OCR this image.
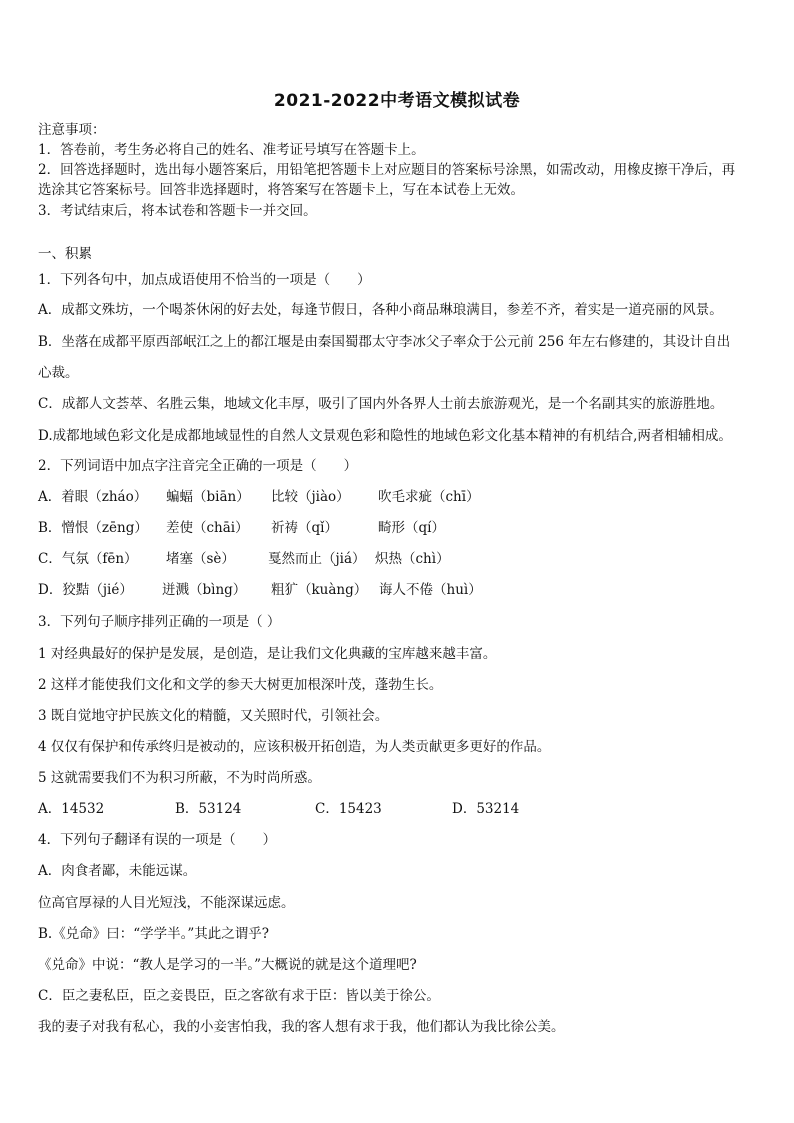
2021-2022中考语文模拟试卷
注意事项：
1．答卷前，考生务必将自己的姓名、准考证号填写在答题卡上。
2．回答选择题时，选出每小题答案后，用铅笔把答题卡上对应题目的答案标号涂黑，如需改动，用橡皮擦干净后，再
选涂其它答案标号。回答非选择题时，将答案写在答题卡上，写在本试卷上无效。
3．考试结束后，将本试卷和答题卡一并交回。
一、积累
1．下列各句中，加点成语使用不恰当的一项是（　　）
A．成都文殊坊，一个喝茶休闲的好去处，每逢节假日，各种小商品琳琅满目，参差不齐，着实是一道亮丽的风景。
B．坐落在成都平原西部岷江之上的都江堰是由秦国蜀郡太守李冰父子率众于公元前 256 年左右修建的，其设计自出
心裁。
C．成都人文荟萃、名胜云集，地域文化丰厚，吸引了国内外各界人士前去旅游观光，是一个名副其实的旅游胜地。
D.成都地域色彩文化是成都地域显性的自然人文景观色彩和隐性的地域色彩文化基本精神的有机结合,两者相辅相成。
2．下列词语中加点字注音完全正确的一项是（　　）
A．着眼（zháo） 蝙蝠（biān） 比较（jiào） 吹毛求疵（chī）
B．憎恨（zēng） 差使（chāi） 祈祷（qǐ）	畸形（qí）
C．气氛（fēn） 堵塞（sè） 戛然而止（jiá） 炽热（chì）
D．狡黠（jié） 迸溅（bìng） 粗犷（kuàng） 诲人不倦（huì）
3．下列句子顺序排列正确的一项是（ ）
1 对经典最好的保护是发展，是创造，是让我们文化典藏的宝库越来越丰富。
2 这样才能使我们文化和文学的参天大树更加根深叶茂，蓬勃生长。
3 既自觉地守护民族文化的精髓，又关照时代，引领社会。
4 仅仅有保护和传承终归是被动的，应该积极开拓创造，为人类贡献更多更好的作品。
5 这就需要我们不为积习所蔽，不为时尚所惑。
A．14532	B．53124	C．15423	D．53214
4．下列句子翻译有误的一项是（　　）
A．肉食者鄙，未能远谋。
位高官厚禄的人目光短浅，不能深谋远虑。
B.《兑命》曰：“学学半。”其此之谓乎?
《兑命》中说：“教人是学习的一半。”大概说的就是这个道理吧?
C．臣之妻私臣，臣之妾畏臣，臣之客欲有求于臣：皆以美于徐公。
我的妻子对我有私心，我的小妾害怕我，我的客人想有求于我，他们都认为我比徐公美。
